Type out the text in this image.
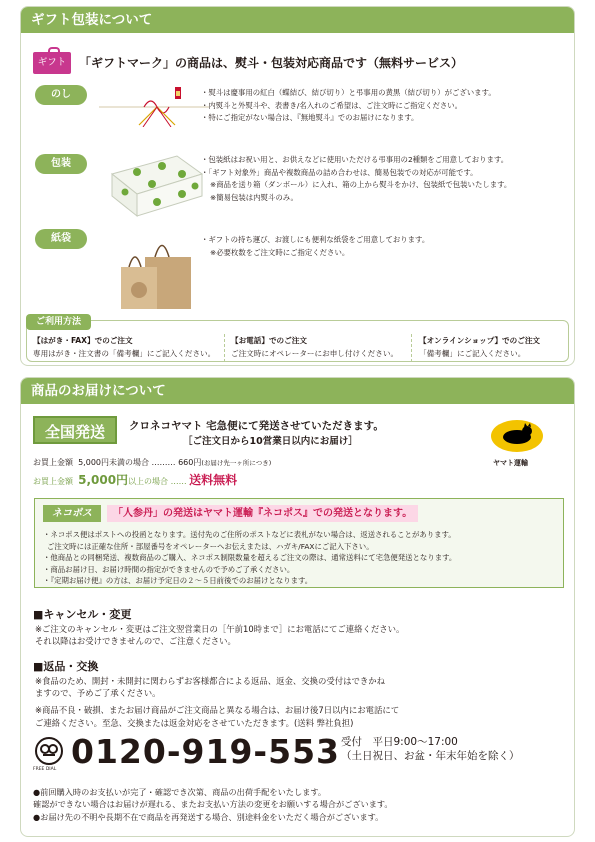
ギフト包装について
ギフト	「ギフトマーク」の商品は、熨斗・包装対応商品です（無料サービス）
のし	・熨斗は慶事用の紅白（蝶結び、結び切り）と弔事用の黄黒（結び切り）がございます。
・内熨斗と外熨斗や、表書き/名入れのご希望は、ご注文時にご指定ください。
・特にご指定がない場合は、『無地熨斗』でのお届けになります。
包装	・包装紙はお祝い用と、お供えなどに使用いただける弔事用の2種類をご用意しております。
・「ギフト対象外」商品や複数商品の詰め合わせは、簡易包装での対応が可能です。
※商品を送り箱（ダンボール）に入れ、箱の上から熨斗をかけ、包装紙で包装いたします。
※簡易包装は内熨斗のみ。
紙袋	・ギフトの持ち運び、お渡しにも便利な紙袋をご用意しております。
※必要枚数をご注文時にご指定ください。
ご利用方法
【はがき・FAX】でのご注文
専用はがき・注文書の「備考欄」にご記入ください。
【お電話】でのご注文
ご注文時にオペレーターにお申し付けください。
【オンラインショップ】でのご注文
「備考欄」にご記入ください。
商品のお届けについて
全国発送	クロネコヤマト 宅急便にて発送させていただきます。
［ご注文日から10営業日以内にお届け］
お買上金額 5,000円未満の場合 ……… 660円(お届け先一ヶ所につき)
お買上金額 5,000円以上の場合 …… 送料無料
ヤマト運輸
ネコポス	「人参丹」の発送はヤマト運輸『ネコポス』での発送となります。
・ネコポス便はポストへの投函となります。送付先のご住所のポストなどに表札がない場合は、返送されることがあります。
ご注文時には正確な住所・部屋番号をオペレーターへお伝えまたは、ハガキ/FAXにご記入下さい。
・他商品との同梱発送、複数商品のご購入、ネコポス制限数量を超えるご注文の際は、通常送料にて宅急便発送となります。
・商品お届け日、お届け時間の指定ができませんので予めご了承ください。
・『定期お届け便』の方は、お届け予定日の２～５日前後でのお届けとなります。
■キャンセル・変更
※ご注文のキャンセル・変更はご注文翌営業日の［午前10時まで］にお電話にてご連絡ください。
それ以降はお受けできませんので、ご注意ください。
■返品・交換
※食品のため、開封・未開封に関わらずお客様都合による返品、返金、交換の受付はできかね
ますので、予めご了承ください。
※商品不良・破損、またお届け商品がご注文商品と異なる場合は、お届け後7日以内にお電話にて
ご連絡ください。至急、交換または返金対応をさせていただきます。(送料 弊社負担)
FREE DIAL 0120-919-553 受付　平日9:00～17:00
（土日祝日、お盆・年末年始を除く）
●前回購入時のお支払いが完了・確認でき次第、商品の出荷手配をいたします。
確認ができない場合はお届けが遅れる、またお支払い方法の変更をお願いする場合がございます。
●お届け先の不明や長期不在で商品を再発送する場合、別途料金をいただく場合がございます。
